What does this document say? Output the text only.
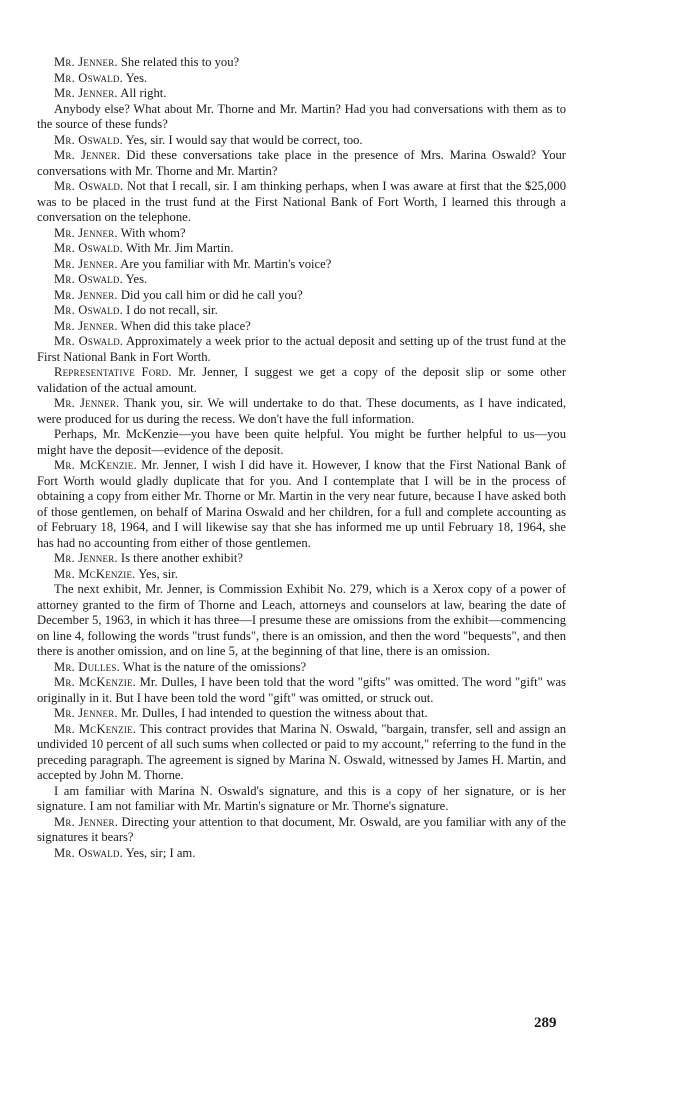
Mr. Jenner. She related this to you?

Mr. Oswald. Yes.

Mr. Jenner. All right.

Anybody else? What about Mr. Thorne and Mr. Martin? Had you had conversations with them as to the source of these funds?

Mr. Oswald. Yes, sir. I would say that would be correct, too.

Mr. Jenner. Did these conversations take place in the presence of Mrs. Marina Oswald? Your conversations with Mr. Thorne and Mr. Martin?

Mr. Oswald. Not that I recall, sir. I am thinking perhaps, when I was aware at first that the $25,000 was to be placed in the trust fund at the First National Bank of Fort Worth, I learned this through a conversation on the telephone.

Mr. Jenner. With whom?

Mr. Oswald. With Mr. Jim Martin.

Mr. Jenner. Are you familiar with Mr. Martin's voice?

Mr. Oswald. Yes.

Mr. Jenner. Did you call him or did he call you?

Mr. Oswald. I do not recall, sir.

Mr. Jenner. When did this take place?

Mr. Oswald. Approximately a week prior to the actual deposit and setting up of the trust fund at the First National Bank in Fort Worth.

Representative Ford. Mr. Jenner, I suggest we get a copy of the deposit slip or some other validation of the actual amount.

Mr. Jenner. Thank you, sir. We will undertake to do that. These documents, as I have indicated, were produced for us during the recess. We don't have the full information.

Perhaps, Mr. McKenzie—you have been quite helpful. You might be further helpful to us—you might have the deposit—evidence of the deposit.

Mr. McKenzie. Mr. Jenner, I wish I did have it. However, I know that the First National Bank of Fort Worth would gladly duplicate that for you. And I contemplate that I will be in the process of obtaining a copy from either Mr. Thorne or Mr. Martin in the very near future, because I have asked both of those gentlemen, on behalf of Marina Oswald and her children, for a full and complete accounting as of February 18, 1964, and I will likewise say that she has informed me up until February 18, 1964, she has had no accounting from either of those gentlemen.

Mr. Jenner. Is there another exhibit?

Mr. McKenzie. Yes, sir.

The next exhibit, Mr. Jenner, is Commission Exhibit No. 279, which is a Xerox copy of a power of attorney granted to the firm of Thorne and Leach, attorneys and counselors at law, bearing the date of December 5, 1963, in which it has three—I presume these are omissions from the exhibit—commencing on line 4, following the words "trust funds", there is an omission, and then the word "bequests", and then there is another omission, and on line 5, at the beginning of that line, there is an omission.

Mr. Dulles. What is the nature of the omissions?

Mr. McKenzie. Mr. Dulles, I have been told that the word "gifts" was omitted. The word "gift" was originally in it. But I have been told the word "gift" was omitted, or struck out.

Mr. Jenner. Mr. Dulles, I had intended to question the witness about that.

Mr. McKenzie. This contract provides that Marina N. Oswald, "bargain, transfer, sell and assign an undivided 10 percent of all such sums when collected or paid to my account," referring to the fund in the preceding paragraph. The agreement is signed by Marina N. Oswald, witnessed by James H. Martin, and accepted by John M. Thorne.

I am familiar with Marina N. Oswald's signature, and this is a copy of her signature, or is her signature. I am not familiar with Mr. Martin's signature or Mr. Thorne's signature.

Mr. Jenner. Directing your attention to that document, Mr. Oswald, are you familiar with any of the signatures it bears?

Mr. Oswald. Yes, sir; I am.

289
